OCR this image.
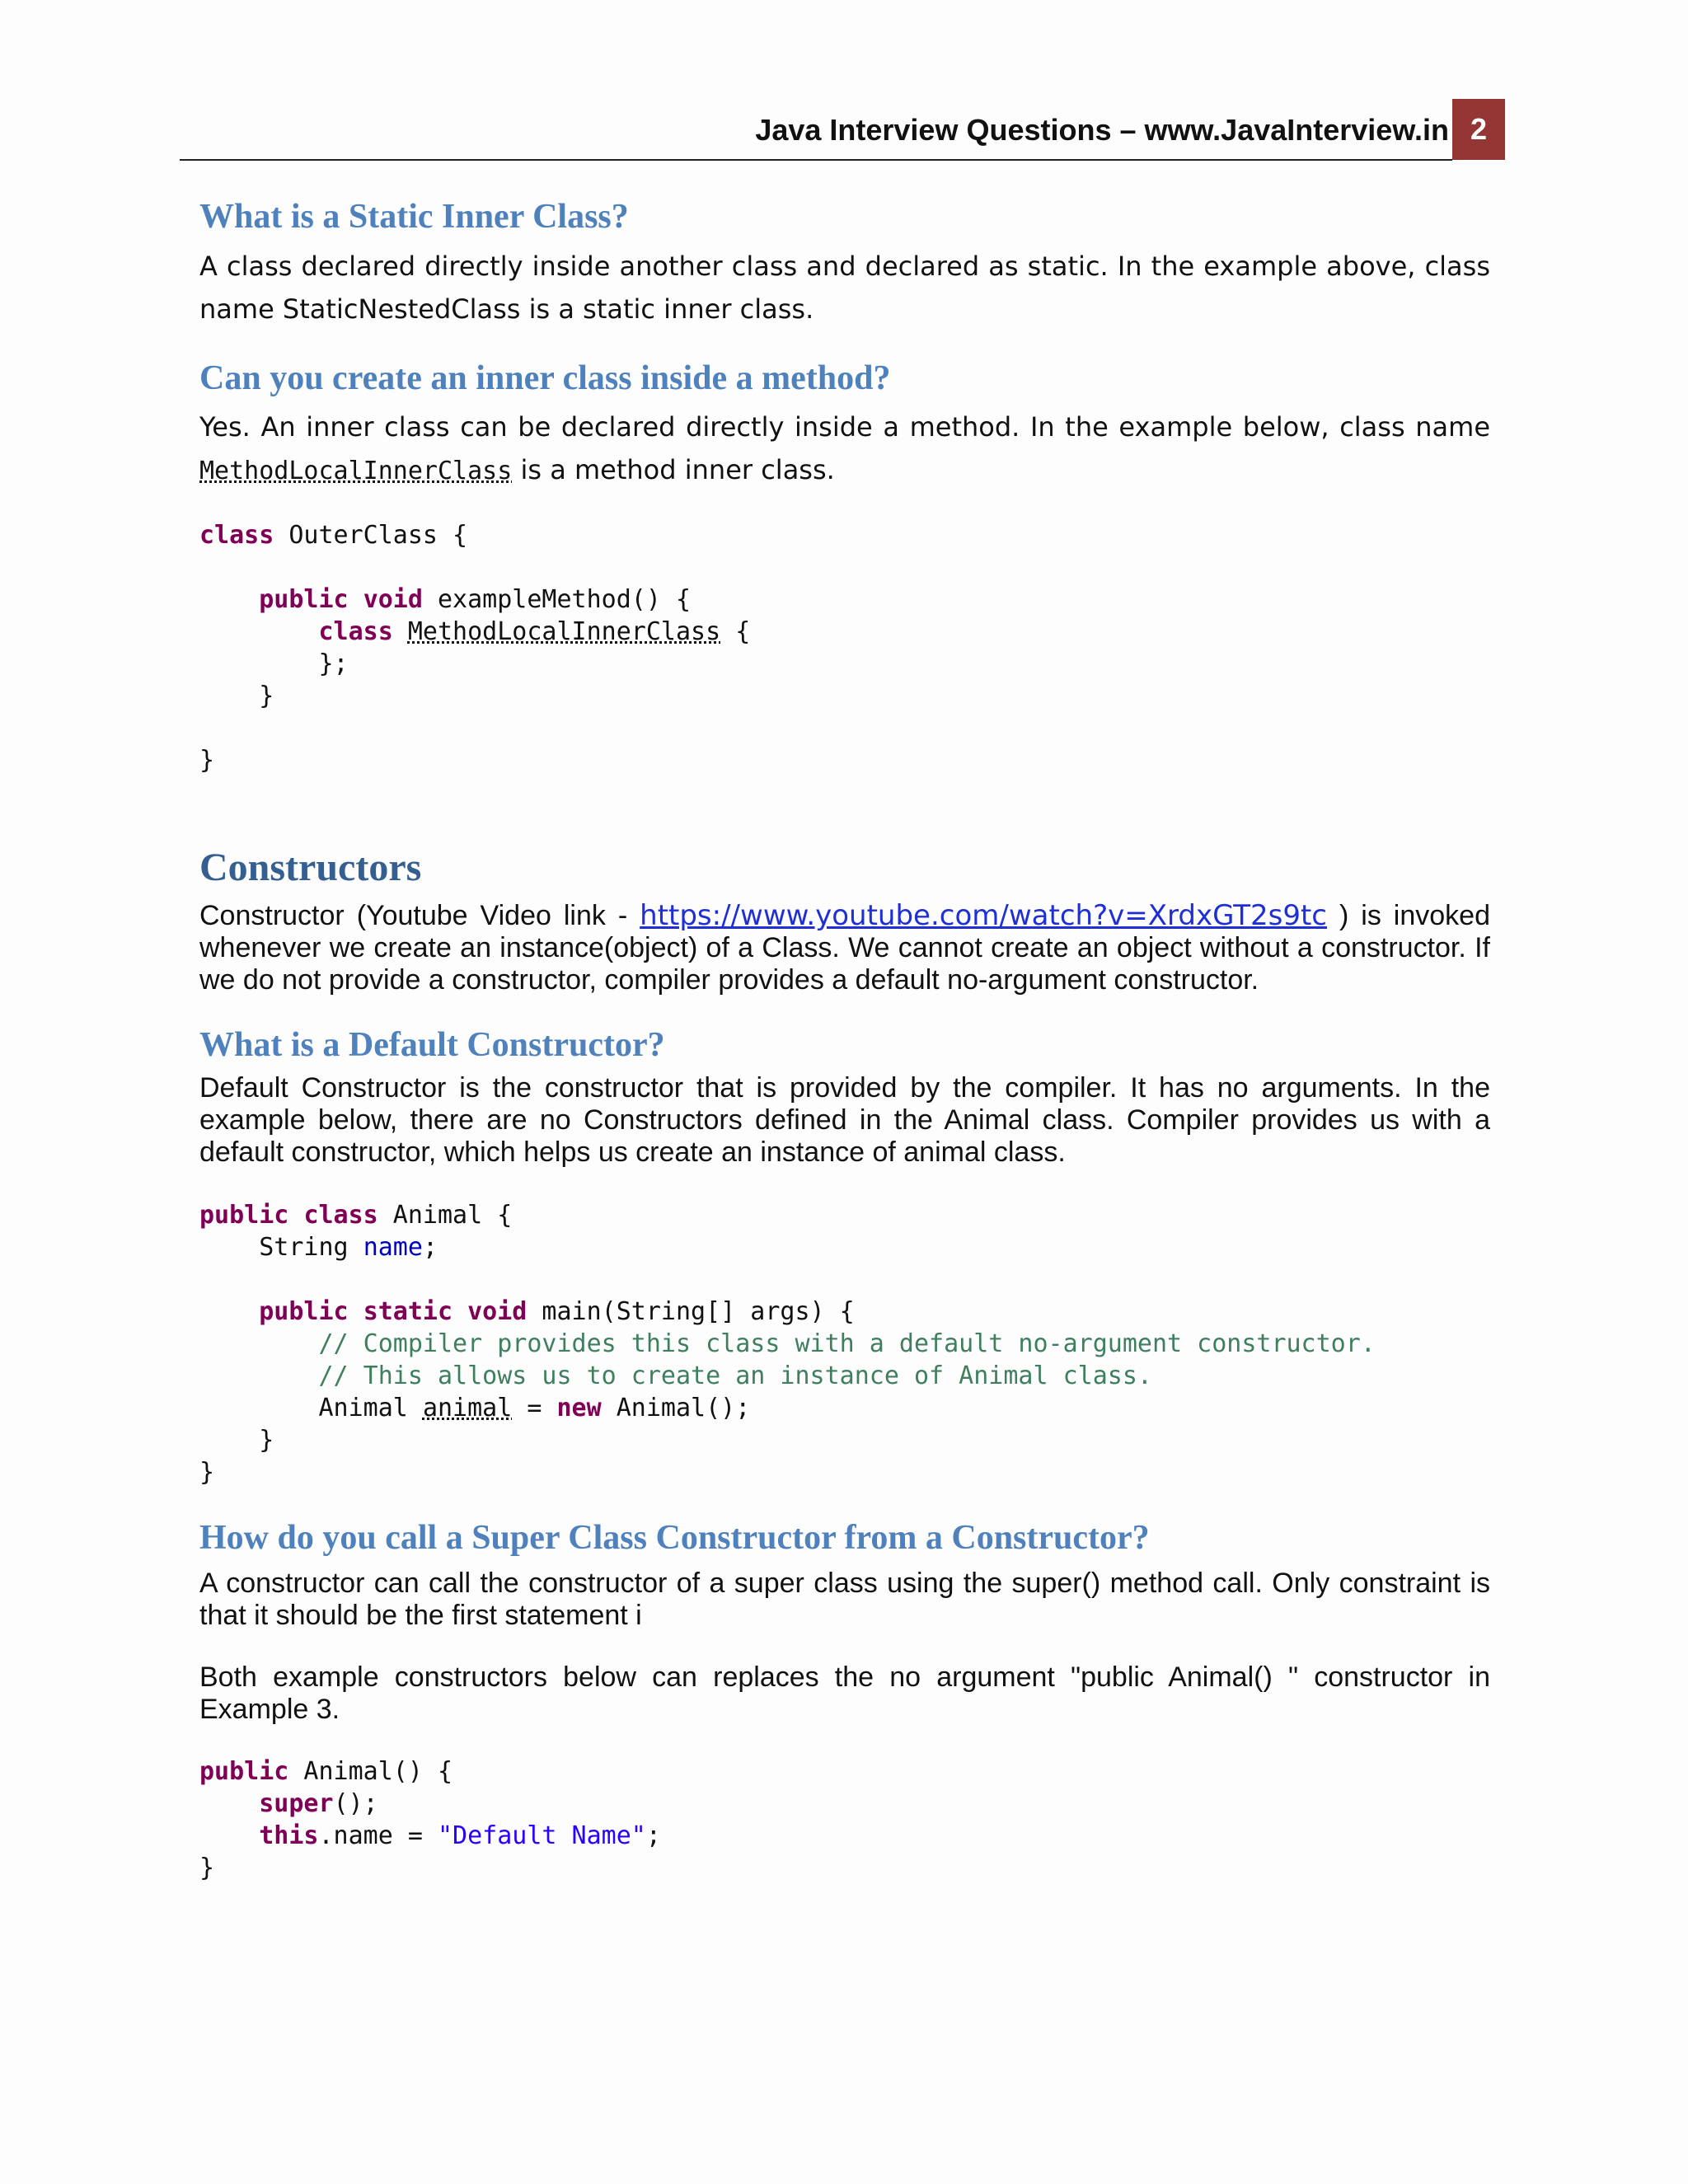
Java Interview Questions – www.JavaInterview.in 2
What is a Static Inner Class?

A class declared directly inside another class and declared as static. In the example above, class name StaticNestedClass is a static inner class.

Can you create an inner class inside a method?

Yes. An inner class can be declared directly inside a method. In the example below, class name MethodLocalInnerClass is a method inner class.

class OuterClass {

public void exampleMethod() {
class MethodLocalInnerClass {
};
}

}
Constructors

Constructor (Youtube Video link - https://www.youtube.com/watch?v=XrdxGT2s9tc ) is invoked whenever we create an instance(object) of a Class. We cannot create an object without a constructor. If we do not provide a constructor, compiler provides a default no-argument constructor.

What is a Default Constructor?

Default Constructor is the constructor that is provided by the compiler. It has no arguments. In the example below, there are no Constructors defined in the Animal class. Compiler provides us with a default constructor, which helps us create an instance of animal class.

public class Animal {
String name;

public static void main(String[] args) {
// Compiler provides this class with a default no-argument constructor.
// This allows us to create an instance of Animal class.
Animal animal = new Animal();
}
}
How do you call a Super Class Constructor from a Constructor?

A constructor can call the constructor of a super class using the super() method call. Only constraint is that it should be the first statement i

Both example constructors below can replaces the no argument "public Animal() " constructor in Example 3.

public Animal() {
super();
this.name = "Default Name";
}
